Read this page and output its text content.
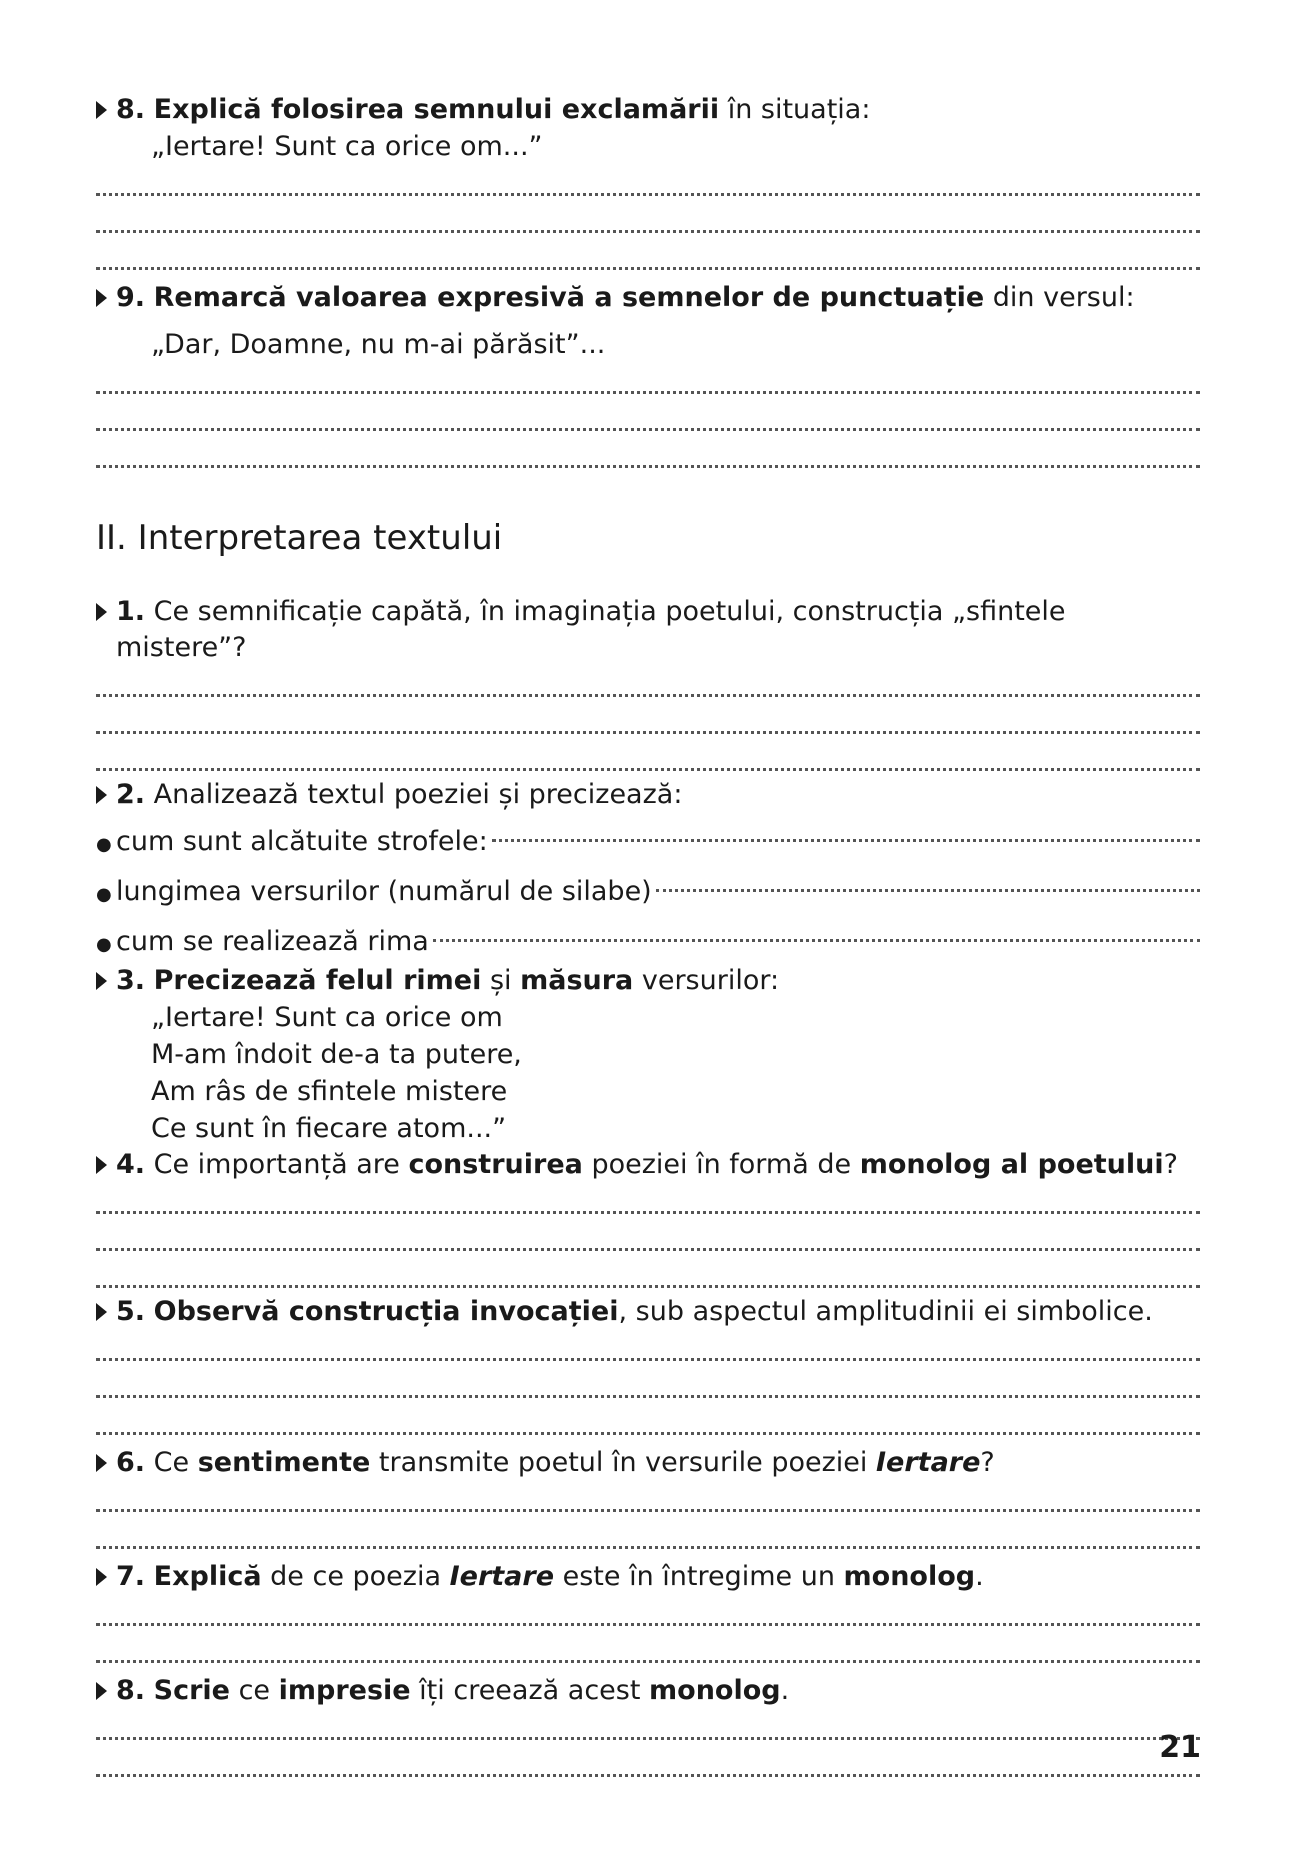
8. Explică folosirea semnului exclamării în situația:

„Iertare! Sunt ca orice om...”

9. Remarcă valoarea expresivă a semnelor de punctuație din versul:

„Dar, Doamne, nu m-ai părăsit”...

II. Interpretarea textului

1. Ce semnificație capătă, în imaginația poetului, construcția „sfintele mistere”?

2. Analizează textul poeziei și precizează:

● cum sunt alcătuite strofele:
● lungimea versurilor (numărul de silabe)
● cum se realizează rima

3. Precizează felul rimei și măsura versurilor:

„Iertare! Sunt ca orice om

M-am îndoit de-a ta putere,

Am râs de sfintele mistere

Ce sunt în fiecare atom...”

4. Ce importanță are construirea poeziei în formă de monolog al poetului?

5. Observă construcția invocației, sub aspectul amplitudinii ei simbolice.

6. Ce sentimente transmite poetul în versurile poeziei Iertare?

7. Explică de ce poezia Iertare este în întregime un monolog.

8. Scrie ce impresie îți creează acest monolog.

21
